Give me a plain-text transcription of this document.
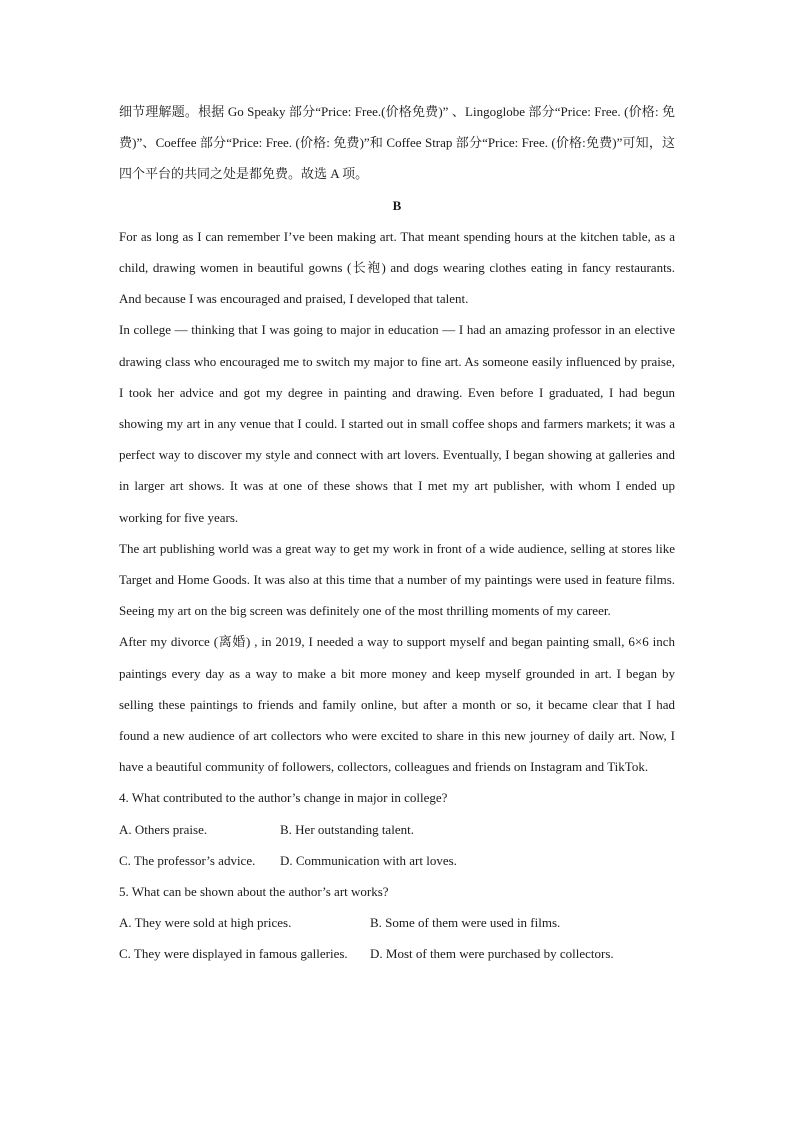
细节理解题。根据 Go Speaky 部分“Price: Free.(价格免费)” 、Lingoglobe 部分“Price: Free. (价格: 免费)”、Coeffee 部分“Price: Free. (价格: 免费)”和 Coffee Strap 部分“Price: Free. (价格:免费)”可知，这四个平台的共同之处是都免费。故选 A 项。

B

For as long as I can remember I’ve been making art. That meant spending hours at the kitchen table, as a child, drawing women in beautiful gowns (长袍) and dogs wearing clothes eating in fancy restaurants. And because I was encouraged and praised, I developed that talent.

In college — thinking that I was going to major in education — I had an amazing professor in an elective drawing class who encouraged me to switch my major to fine art. As someone easily influenced by praise, I took her advice and got my degree in painting and drawing. Even before I graduated, I had begun showing my art in any venue that I could. I started out in small coffee shops and farmers markets; it was a perfect way to discover my style and connect with art lovers. Eventually, I began showing at galleries and in larger art shows. It was at one of these shows that I met my art publisher, with whom I ended up working for five years.

The art publishing world was a great way to get my work in front of a wide audience, selling at stores like Target and Home Goods. It was also at this time that a number of my paintings were used in feature films. Seeing my art on the big screen was definitely one of the most thrilling moments of my career.

After my divorce (离婚) , in 2019, I needed a way to support myself and began painting small, 6×6 inch paintings every day as a way to make a bit more money and keep myself grounded in art. I began by selling these paintings to friends and family online, but after a month or so, it became clear that I had found a new audience of art collectors who were excited to share in this new journey of daily art. Now, I have a beautiful community of followers, collectors, colleagues and friends on Instagram and TikTok.

4. What contributed to the author’s change in major in college?

A. Others praise.	B. Her outstanding talent.
C. The professor’s advice.	D. Communication with art loves.

5. What can be shown about the author’s art works?

A. They were sold at high prices.	B. Some of them were used in films.
C. They were displayed in famous galleries.	D. Most of them were purchased by collectors.
